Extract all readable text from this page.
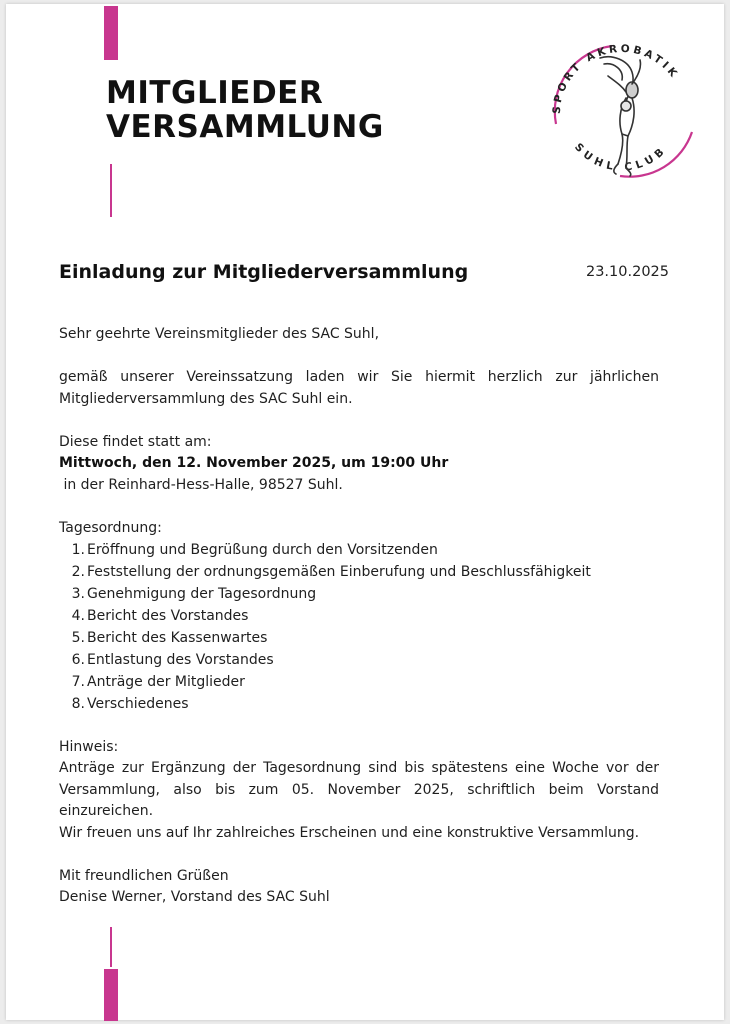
MITGLIEDER
VERSAMMLUNG
SPORT AKROBATIK
SUHL CLUB
Einladung zur Mitgliederversammlung	23.10.2025

Sehr geehrte Vereinsmitglieder des SAC Suhl,

gemäß unserer Vereinssatzung laden wir Sie hiermit herzlich zur jährlichen Mitgliederversammlung des SAC Suhl ein.

Diese findet statt am:

Mittwoch, den 12. November 2025, um 19:00 Uhr

in der Reinhard-Hess-Halle, 98527 Suhl.

Tagesordnung:

1. Eröffnung und Begrüßung durch den Vorsitzenden
2. Feststellung der ordnungsgemäßen Einberufung und Beschlussfähigkeit
3. Genehmigung der Tagesordnung
4. Bericht des Vorstandes
5. Bericht des Kassenwartes
6. Entlastung des Vorstandes
7. Anträge der Mitglieder
8. Verschiedenes

Hinweis:

Anträge zur Ergänzung der Tagesordnung sind bis spätestens eine Woche vor der Versammlung, also bis zum 05. November 2025, schriftlich beim Vorstand einzureichen.

Wir freuen uns auf Ihr zahlreiches Erscheinen und eine konstruktive Versammlung.

Mit freundlichen Grüßen

Denise Werner, Vorstand des SAC Suhl
